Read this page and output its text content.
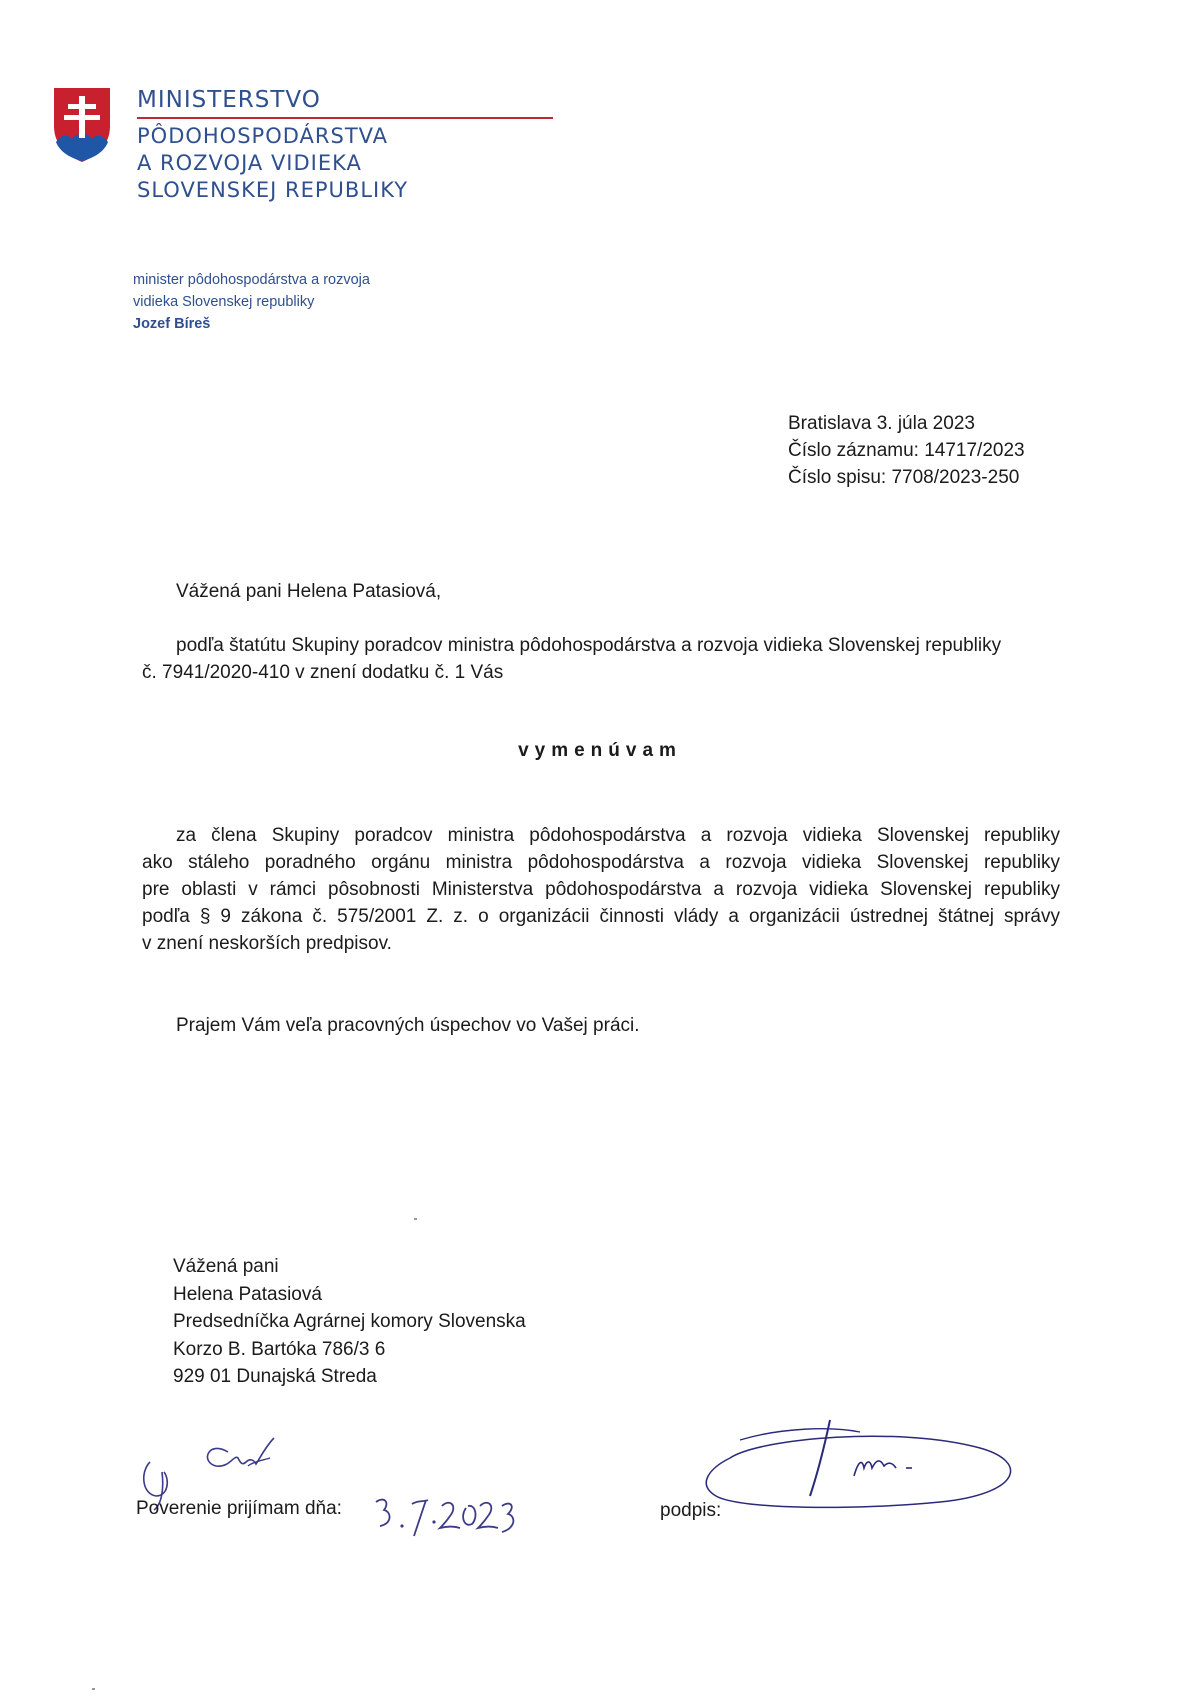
MINISTERSTVO
PÔDOHOSPODÁRSTVA
A ROZVOJA VIDIEKA
SLOVENSKEJ REPUBLIKY
minister pôdohospodárstva a rozvoja
vidieka Slovenskej republiky
Jozef Bíreš
Bratislava 3. júla 2023
Číslo záznamu: 14717/2023
Číslo spisu: 7708/2023-250
Vážená pani Helena Patasiová,
podľa štatútu Skupiny poradcov ministra pôdohospodárstva a rozvoja vidieka Slovenskej republiky
č. 7941/2020-410 v znení dodatku č. 1 Vás
vymenúvam
za člena Skupiny poradcov ministra pôdohospodárstva a rozvoja vidieka Slovenskej republiky
ako stáleho poradného orgánu ministra pôdohospodárstva a rozvoja vidieka Slovenskej republiky
pre oblasti v rámci pôsobnosti Ministerstva pôdohospodárstva a rozvoja vidieka Slovenskej republiky
podľa § 9 zákona č. 575/2001 Z. z. o organizácii činnosti vlády a organizácii ústrednej štátnej správy
v znení neskorších predpisov.
Prajem Vám veľa pracovných úspechov vo Vašej práci.
Vážená pani
Helena Patasiová
Predsedníčka Agrárnej komory Slovenska
Korzo B. Bartóka 786/3 6
929 01 Dunajská Streda
Poverenie prijímam dňa:	podpis:
